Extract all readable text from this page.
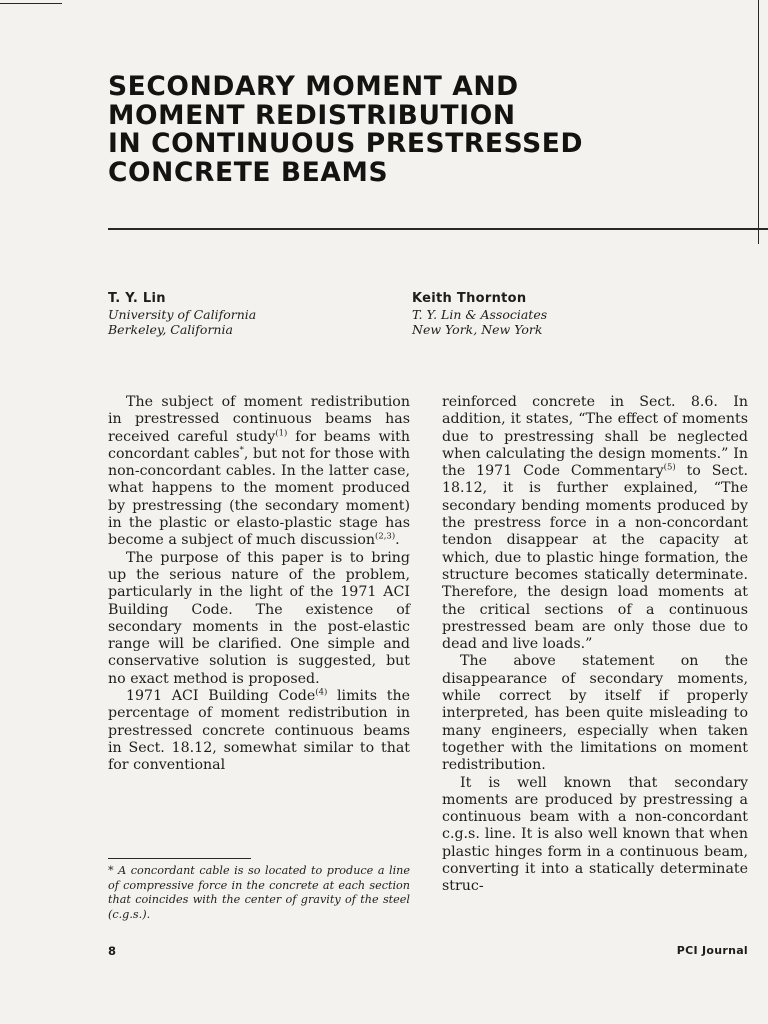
SECONDARY MOMENT AND
MOMENT REDISTRIBUTION
IN CONTINUOUS PRESTRESSED
CONCRETE BEAMS
T. Y. Lin
University of California
Berkeley, California
Keith Thornton
T. Y. Lin & Associates
New York, New York

The subject of moment redistribution in prestressed continuous beams has received careful study$^{(1)}$ for beams with concordant cables*, but not for those with non-concordant cables. In the latter case, what happens to the moment produced by prestressing (the secondary moment) in the plastic or elasto-plastic stage has become a subject of much discussion$^{(2,3)}$.

The purpose of this paper is to bring up the serious nature of the problem, particularly in the light of the 1971 ACI Building Code. The existence of secondary moments in the post-elastic range will be clarified. One simple and conservative solution is suggested, but no exact method is proposed.

1971 ACI Building Code$^{(4)}$ limits the percentage of moment redistribution in prestressed concrete continuous beams in Sect. 18.12, somewhat similar to that for conventional

reinforced concrete in Sect. 8.6. In addition, it states, “The effect of moments due to prestressing shall be neglected when calculating the design moments.” In the 1971 Code Commentary$^{(5)}$ to Sect. 18.12, it is further explained, “The secondary bending moments produced by the prestress force in a non-concordant tendon disappear at the capacity at which, due to plastic hinge formation, the structure becomes statically determinate. Therefore, the design load moments at the critical sections of a continuous prestressed beam are only those due to dead and live loads.”

The above statement on the disappearance of secondary moments, while correct by itself if properly interpreted, has been quite misleading to many engineers, especially when taken together with the limitations on moment redistribution.

It is well known that secondary moments are produced by prestressing a continuous beam with a non-concordant c.g.s. line. It is also well known that when plastic hinges form in a continuous beam, converting it into a statically determinate struc-

* A concordant cable is so located to produce a line of compressive force in the concrete at each section that coincides with the center of gravity of the steel (c.g.s.).
8	PCI Journal
